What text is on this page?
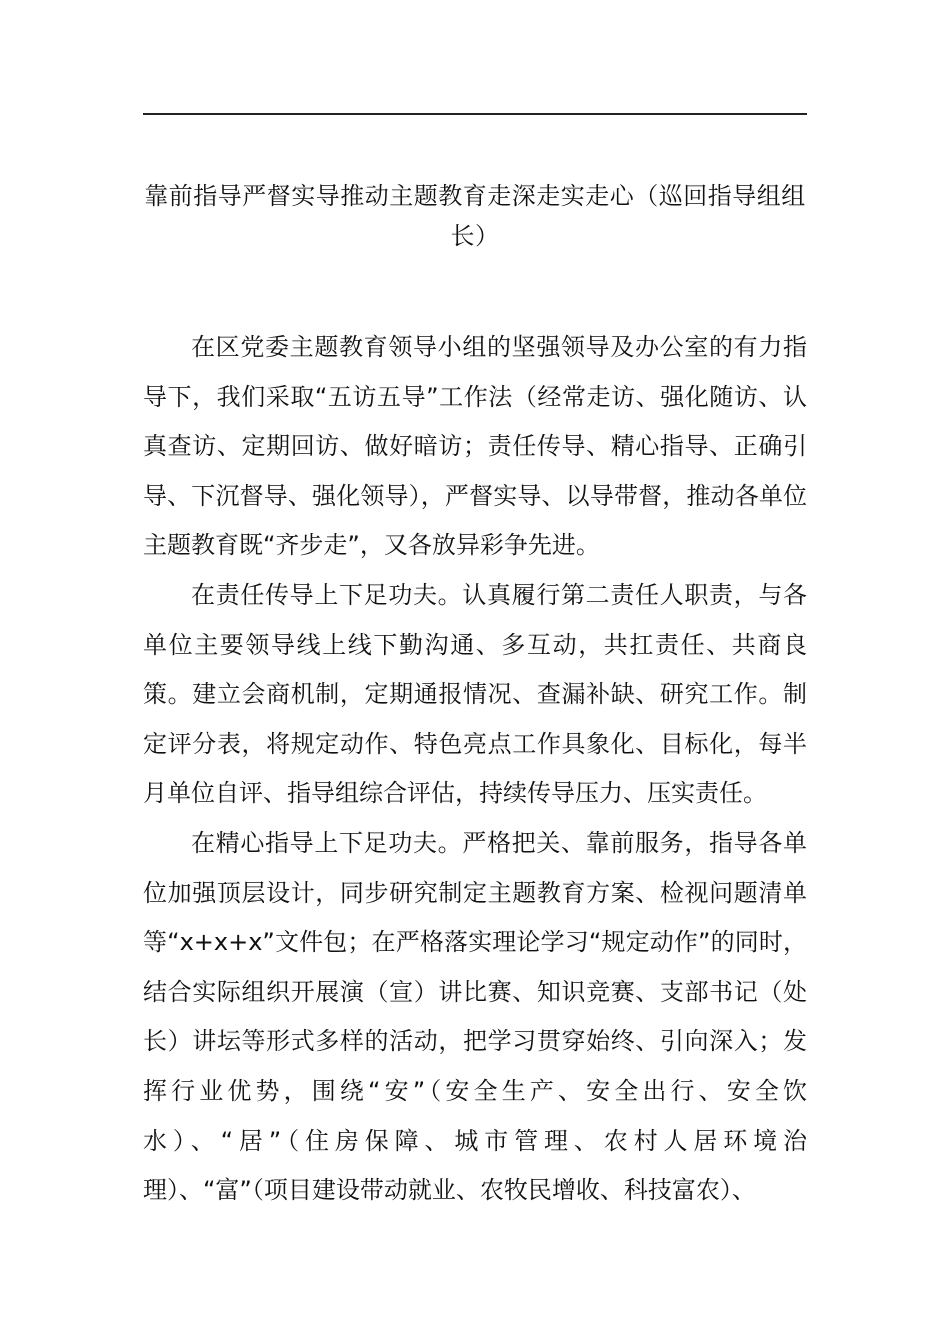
靠前指导严督实导推动主题教育走深走实走心（巡回指导组组长）

在区党委主题教育领导小组的坚强领导及办公室的有力指导下，我们采取“五访五导”工作法（经常走访、强化随访、认真查访、定期回访、做好暗访；责任传导、精心指导、正确引导、下沉督导、强化领导），严督实导、以导带督，推动各单位主题教育既“齐步走”，又各放异彩争先进。

在责任传导上下足功夫。认真履行第二责任人职责，与各单位主要领导线上线下勤沟通、多互动，共扛责任、共商良策。建立会商机制，定期通报情况、查漏补缺、研究工作。制定评分表，将规定动作、特色亮点工作具象化、目标化，每半月单位自评、指导组综合评估，持续传导压力、压实责任。

在精心指导上下足功夫。严格把关、靠前服务，指导各单位加强顶层设计，同步研究制定主题教育方案、检视问题清单等“x+x+x”文件包；在严格落实理论学习“规定动作”的同时，结合实际组织开展演（宣）讲比赛、知识竞赛、支部书记（处长）讲坛等形式多样的活动，把学习贯穿始终、引向深入；发挥行业优势，围绕“安”（安全生产、安全出行、安全饮水）、“居”（住房保障、城市管理、农村人居环境治理）、“富”（项目建设带动就业、农牧民增收、科技富农）、
